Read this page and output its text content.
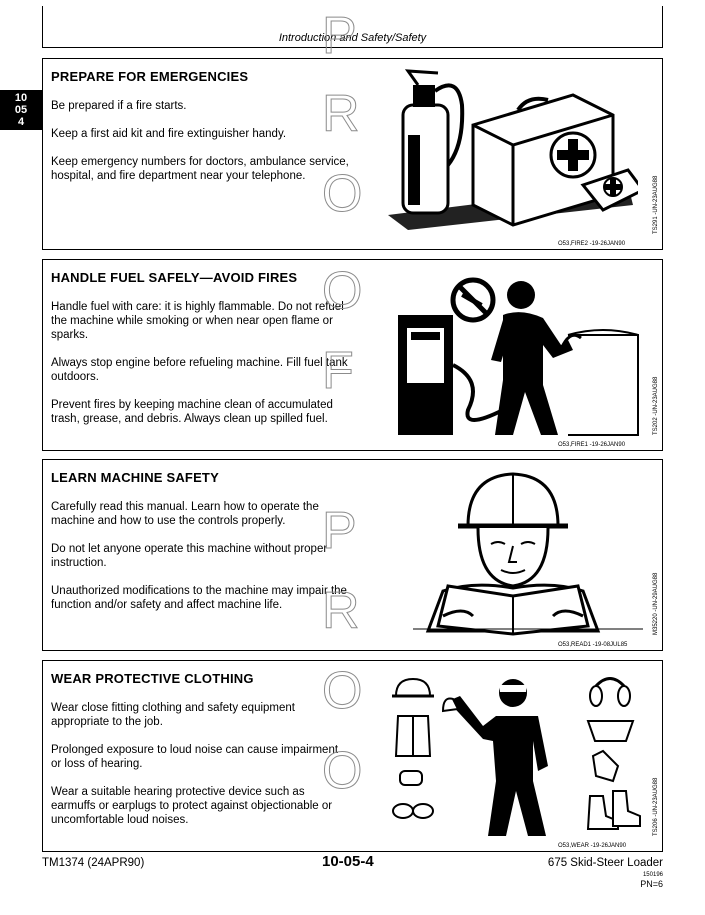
Introduction and Safety/Safety
10
05
4
PREPARE FOR EMERGENCIES

Be prepared if a fire starts.

Keep a first aid kit and fire extinguisher handy.

Keep emergency numbers for doctors, ambulance service, hospital, and fire department near your telephone.

O53,FIRE2 -19-26JAN90
TS291 -UN-23AUG88
HANDLE FUEL SAFELY—AVOID FIRES

Handle fuel with care: it is highly flammable. Do not refuel the machine while smoking or when near open flame or sparks.

Always stop engine before refueling machine. Fill fuel tank outdoors.

Prevent fires by keeping machine clean of accumulated trash, grease, and debris. Always clean up spilled fuel.

O53,FIRE1 -19-26JAN90
TS202 -UN-23AUG88
LEARN MACHINE SAFETY

Carefully read this manual. Learn how to operate the machine and how to use the controls properly.

Do not let anyone operate this machine without proper instruction.

Unauthorized modifications to the machine may impair the function and/or safety and affect machine life.

O53,READ1 -19-08JUL85
M35220 -UN-29AUG88
WEAR PROTECTIVE CLOTHING

Wear close fitting clothing and safety equipment appropriate to the job.

Prolonged exposure to loud noise can cause impairment or loss of hearing.

Wear a suitable hearing protective device such as earmuffs or earplugs to protect against objectionable or uncomfortable loud noises.

O53,WEAR -19-26JAN90
TS206 -UN-23AUG88
P
R
O
O
F
P
R
O
O
TM1374 (24APR90)	10-05-4	675 Skid-Steer Loader
150196
PN=6
